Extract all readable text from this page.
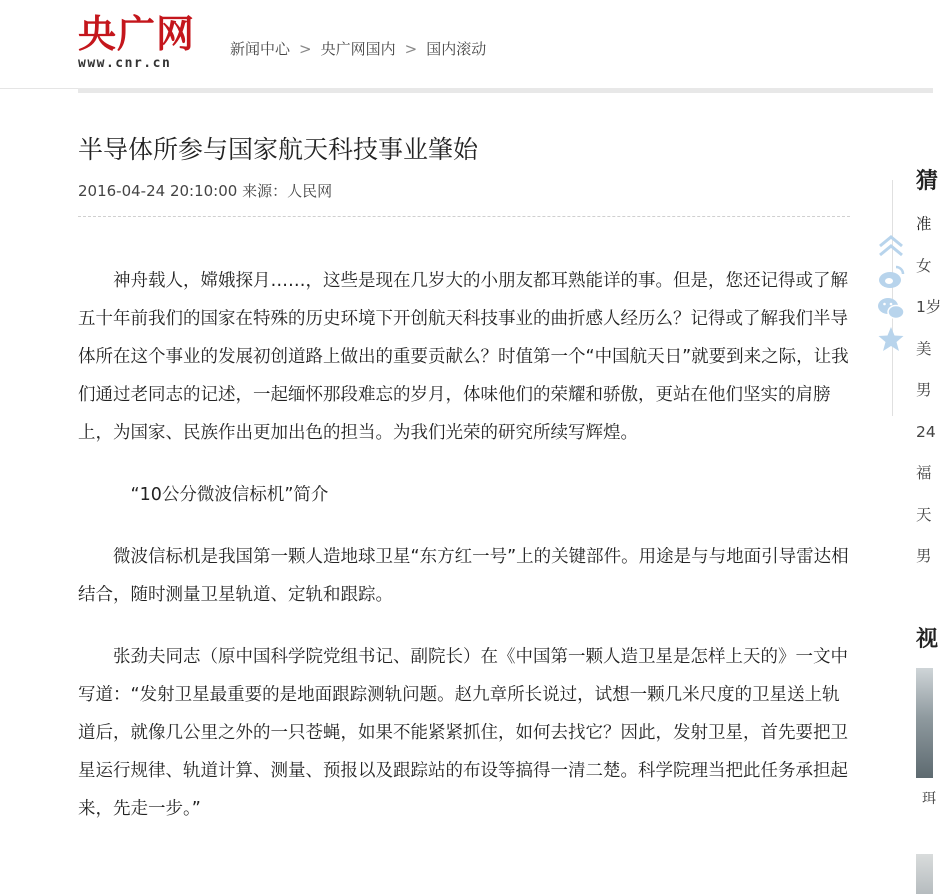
央广网
www.cnr.cn
新闻中心 > 央广网国内 > 国内滚动
半导体所参与国家航天科技事业肇始
2016-04-24 20:10:00 来源：人民网

神舟载人，嫦娥探月……，这些是现在几岁大的小朋友都耳熟能详的事。但是，您还记得或了解五十年前我们的国家在特殊的历史环境下开创航天科技事业的曲折感人经历么？记得或了解我们半导体所在这个事业的发展初创道路上做出的重要贡献么？时值第一个“中国航天日”就要到来之际，让我们通过老同志的记述，一起缅怀那段难忘的岁月，体味他们的荣耀和骄傲，更站在他们坚实的肩膀上，为国家、民族作出更加出色的担当。为我们光荣的研究所续写辉煌。

“10公分微波信标机”简介

微波信标机是我国第一颗人造地球卫星“东方红一号”上的关键部件。用途是与与地面引导雷达相结合，随时测量卫星轨道、定轨和跟踪。

张劲夫同志（原中国科学院党组书记、副院长）在《中国第一颗人造卫星是怎样上天的》一文中写道：“发射卫星最重要的是地面跟踪测轨问题。赵九章所长说过，试想一颗几米尺度的卫星送上轨道后，就像几公里之外的一只苍蝇，如果不能紧紧抓住，如何去找它？因此，发射卫星，首先要把卫星运行规律、轨道计算、测量、预报以及跟踪站的布设等搞得一清二楚。科学院理当把此任务承担起来，先走一步。”

猜
准
女
1岁
美
男
24
福
天
男
视
珥
